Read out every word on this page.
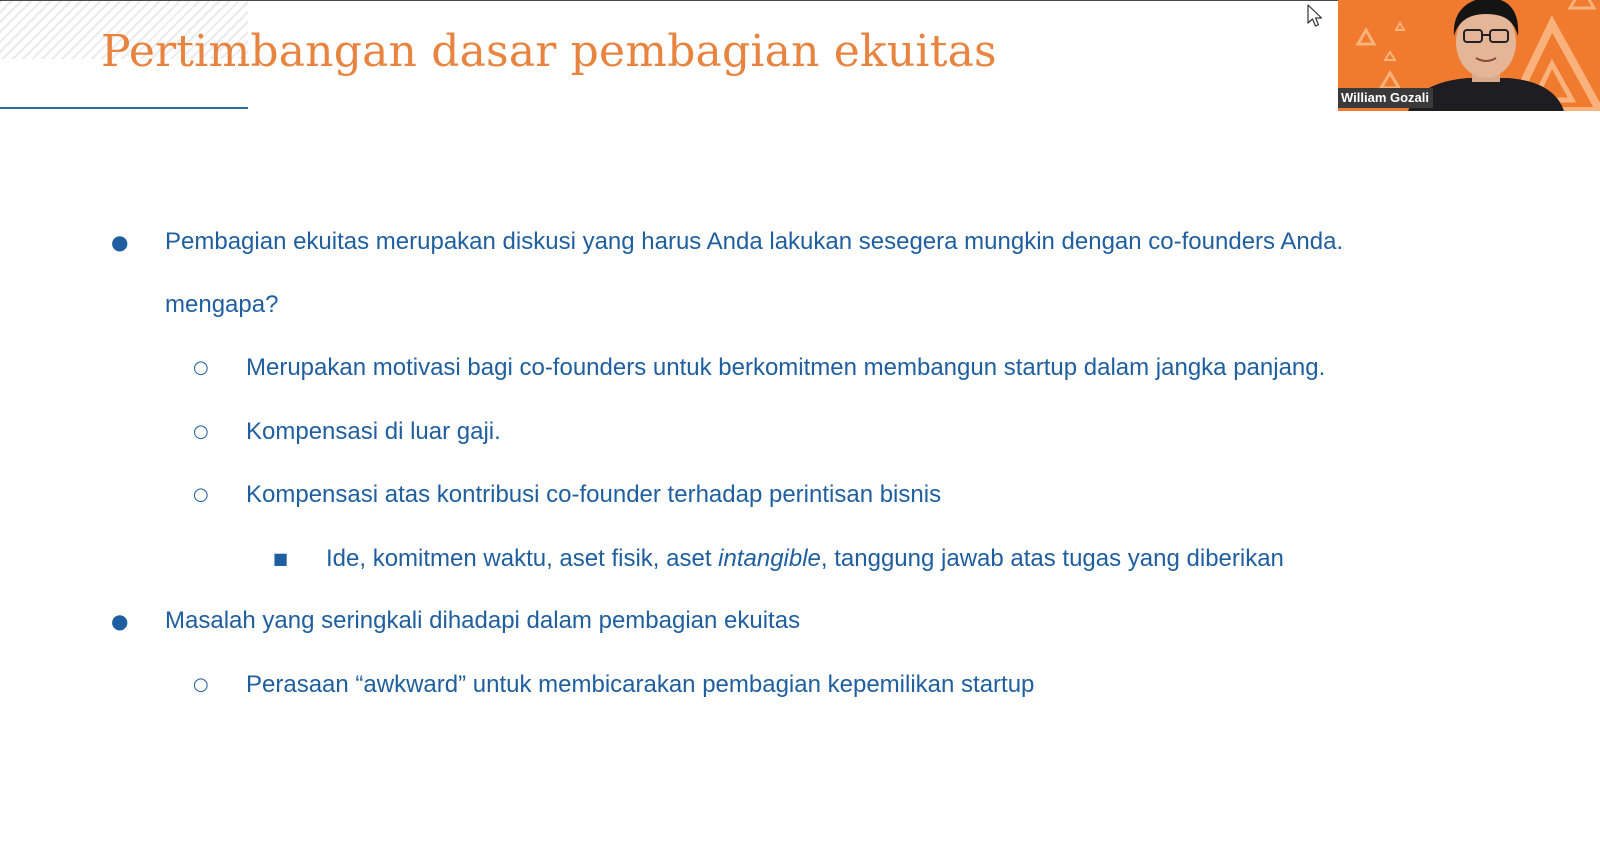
Pertimbangan dasar pembagian ekuitas
William Gozali
● Pembagian ekuitas merupakan diskusi yang harus Anda lakukan sesegera mungkin dengan co-founders Anda.
mengapa?
○ Merupakan motivasi bagi co-founders untuk berkomitmen membangun startup dalam jangka panjang.
○ Kompensasi di luar gaji.
○ Kompensasi atas kontribusi co-founder terhadap perintisan bisnis
■ Ide, komitmen waktu, aset fisik, aset intangible, tanggung jawab atas tugas yang diberikan
● Masalah yang seringkali dihadapi dalam pembagian ekuitas
○ Perasaan “awkward” untuk membicarakan pembagian kepemilikan startup
